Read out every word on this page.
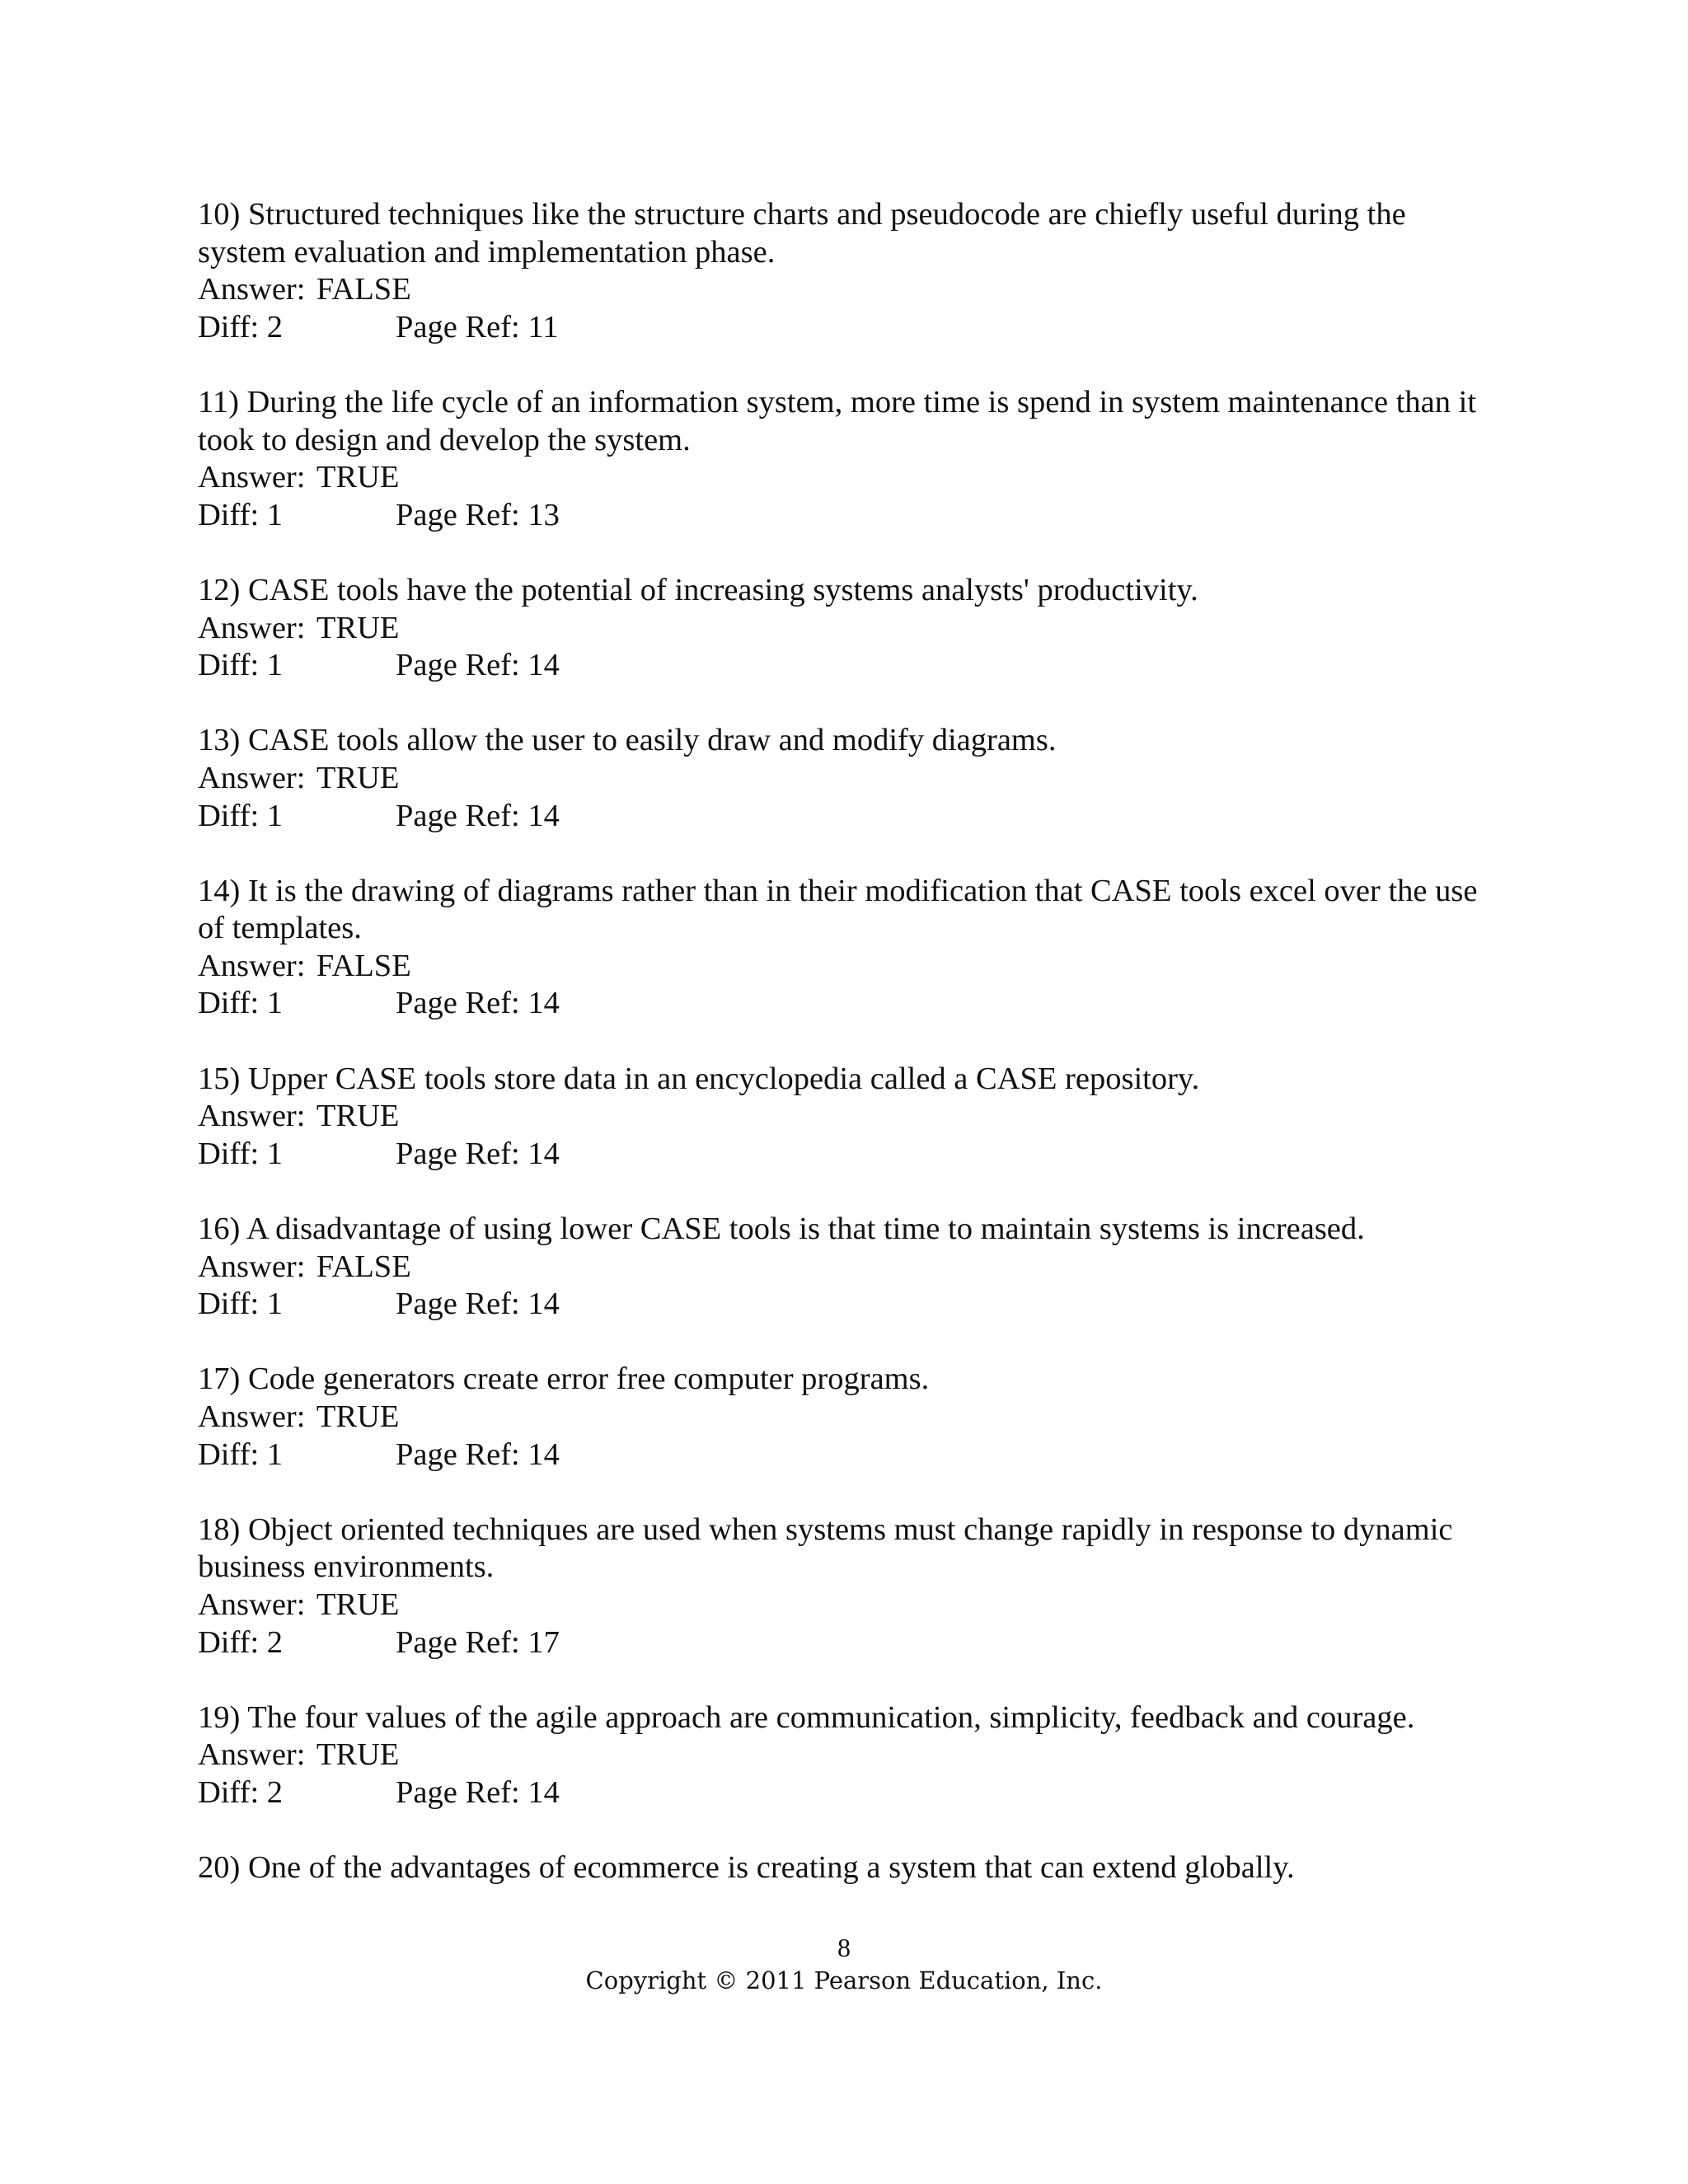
10) Structured techniques like the structure charts and pseudocode are chiefly useful during the system evaluation and implementation phase.

Answer: FALSE

Diff: 2	Page Ref: 11

11) During the life cycle of an information system, more time is spend in system maintenance than it took to design and develop the system.

Answer: TRUE

Diff: 1	Page Ref: 13

12) CASE tools have the potential of increasing systems analysts' productivity.

Answer: TRUE

Diff: 1	Page Ref: 14

13) CASE tools allow the user to easily draw and modify diagrams.

Answer: TRUE

Diff: 1	Page Ref: 14

14) It is the drawing of diagrams rather than in their modification that CASE tools excel over the use of templates.

Answer: FALSE

Diff: 1	Page Ref: 14

15) Upper CASE tools store data in an encyclopedia called a CASE repository.

Answer: TRUE

Diff: 1	Page Ref: 14

16) A disadvantage of using lower CASE tools is that time to maintain systems is increased.

Answer: FALSE

Diff: 1	Page Ref: 14

17) Code generators create error free computer programs.

Answer: TRUE

Diff: 1	Page Ref: 14

18) Object oriented techniques are used when systems must change rapidly in response to dynamic business environments.

Answer: TRUE

Diff: 2	Page Ref: 17

19) The four values of the agile approach are communication, simplicity, feedback and courage.

Answer: TRUE

Diff: 2	Page Ref: 14

20) One of the advantages of ecommerce is creating a system that can extend globally.

8
Copyright © 2011 Pearson Education, Inc.
